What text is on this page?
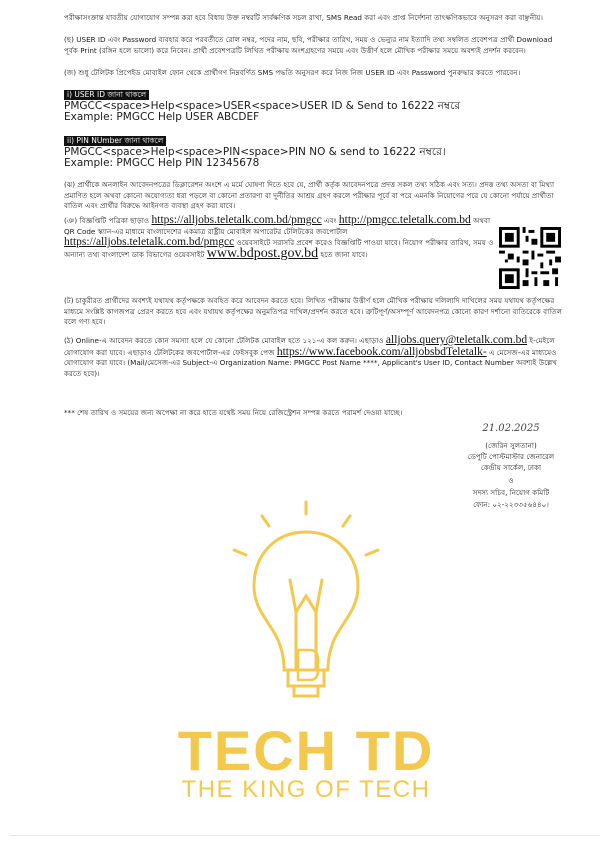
পরীক্ষাসংক্রান্ত যাবতীয় যোগাযোগ সম্পন্ন করা হবে বিধায় উক্ত নম্বরটি সার্বক্ষণিক সচল রাখা, SMS Read করা এবং প্রাপ্ত নির্দেশনা তাৎক্ষণিকভাবে অনুসরণ করা বাঞ্ছনীয়।

(ছ) USER ID এবং Password ব্যবহার করে পরবর্তীতে রোল নম্বর, পদের নাম, ছবি, পরীক্ষার তারিখ, সময় ও ভেন্যুর নাম ইত্যাদি তথ্য সম্বলিত প্রবেশপত্র প্রার্থী Download পূর্বক Print (রঙ্গিন হলে ভালো) করে নিবেন। প্রার্থী প্রবেশপত্রটি লিখিত পরীক্ষায় অংশগ্রহণের সময়ে এবং উত্তীর্ণ হলে মৌখিক পরীক্ষার সময়ে অবশ্যই প্রদর্শন করবেন।

(জ) শুধু টেলিটক প্রিপেইড মোবাইল ফোন থেকে প্রার্থীগণ নিম্নবর্ণিত SMS পদ্ধতি অনুসরণ করে নিজ নিজ USER ID এবং Password পুনরুদ্ধার করতে পারবেন।

i) USER ID জানা থাকলে
PMGCC<space>Help<space>USER<space>USER ID & Send to 16222 নম্বরে
Example: PMGCC Help USER ABCDEF
ii) PIN NUmber জানা থাকলে
PMGCC<space>Help<space>PIN<space>PIN NO & send to 16222 নম্বরে।
Example: PMGCC Help PIN 12345678

(ঝ) প্রার্থীকে অনলাইন আবেদনপত্রের ডিক্লারেশন অংশে এ মর্মে ঘোষণা দিতে হবে যে, প্রার্থী কর্তৃক আবেদনপত্রে প্রদত্ত সকল তথ্য সঠিক এবং সত্য। প্রদত্ত তথ্য অসত্য বা মিথ্যা প্রমাণিত হলে অথবা কোনো অযোগ্যতা ধরা পড়লে বা কোনো প্রতারণা বা দুর্নীতির আশ্রয় গ্রহণ করলে পরীক্ষার পূর্বে বা পরে এমনকি নিয়োগের পরে যে কোনো পর্যায়ে প্রার্থীতা বাতিল এবং প্রার্থীর বিরুদ্ধে আইনগত ব্যবস্থা গ্রহণ করা যাবে।

(ঞ) বিজ্ঞপ্তিটি পত্রিকা ছাড়াও https://alljobs.teletalk.com.bd/pmgcc এবং http://pmgcc.teletalk.com.bd অথবা QR Code স্ক্যান-এর মাধ্যমে বাংলাদেশের একমাত্র রাষ্ট্রীয় মোবাইল অপারেটর টেলিটকের জবপোর্টাল https://alljobs.teletalk.com.bd/pmgcc ওয়েবসাইটে সরাসরি প্রবেশ করেও বিজ্ঞপ্তিটি পাওয়া যাবে। নিয়োগ পরীক্ষার তারিখ, সময় ও অন্যান্য তথ্য বাংলাদেশ ডাক বিভাগের ওয়েবসাইট www.bdpost.gov.bd হতে জানা যাবে।

(ট) চাকুরীরত প্রার্থীদের অবশ্যই যথাযথ কর্তৃপক্ষকে অবহিত করে আবেদন করতে হবে। লিখিত পরীক্ষায় উত্তীর্ণ হলে মৌখিক পরীক্ষায় দলিলাদি দাখিলের সময় যথাযথ কর্তৃপক্ষের মাধ্যমে সংশ্লিষ্ট কাগজপত্র প্রেরণ করতে হবে এবং যথাযথ কর্তৃপক্ষের অনুমতিপত্র দাখিল/প্রদর্শন করতে হবে। ত্রুটিপূর্ণ/অসম্পূর্ণ আবেদনপত্র কোনো কারণ দর্শানো ব্যতিরেকে বাতিল বলে গণ্য হবে।

(ঠ) Online-এ আবেদন করতে কোন সমস্যা হলে যে কোনো টেলিটক মোবাইল হতে ১২১-এ কল করুন। এছাড়াও alljobs.query@teletalk.com.bd ই-মেইলে যোগাযোগ করা যাবে। এছাড়াও টেলিটকের জবপোর্টাল-এর ফেইসবুক পেজ https://www.facebook.com/alljobsbdTeletalk- এ মেসেজ-এর মাধ্যমেও যোগাযোগ করা যাবে। (Mail/মেসেজ-এর Subject-এ Organization Name: PMGCC Post Name ****, Applicant's User ID, Contact Number অবশ্যই উল্লেখ করতে হবে)।

*** শেষ তারিখ ও সময়ের জন্য অপেক্ষা না করে হাতে যথেষ্ট সময় নিয়ে রেজিস্ট্রেশন সম্পন্ন করতে পরামর্শ দেওয়া যাচ্ছে।

21.02.2025
(জেরিন সুলতানা)
ডেপুটি পোস্টমাস্টার জেনারেল
কেন্দ্রীয় সার্কেল, ঢাকা
ও
সদস্য সচিব, নিয়োগ কমিটি
ফোন: ০২-২২৩৩৫৬৪৪০।
TECH TD
THE KING OF TECH
